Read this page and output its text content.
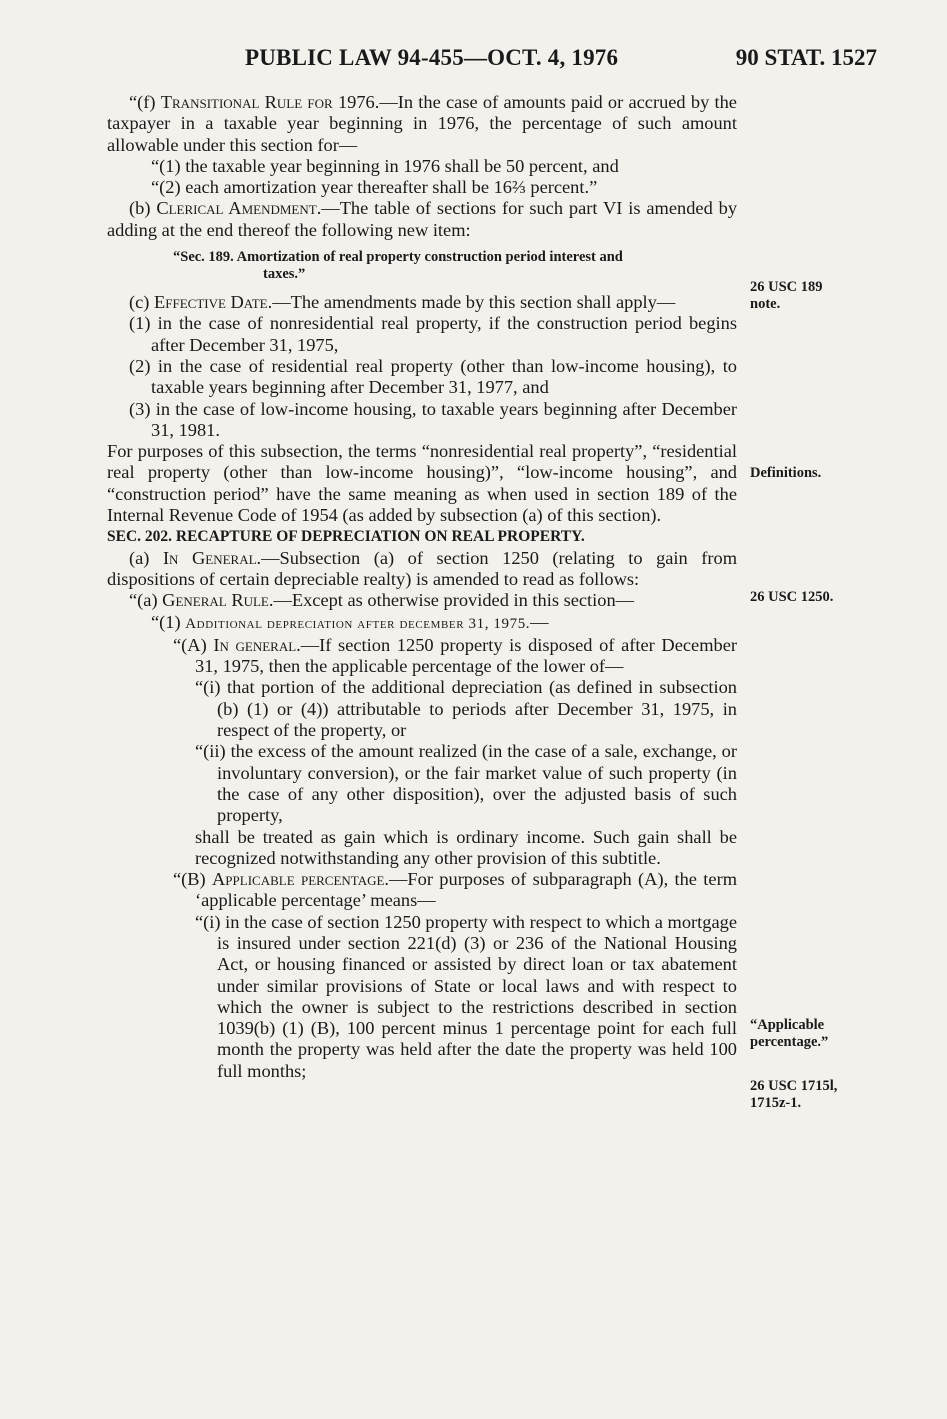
PUBLIC LAW 94-455—OCT. 4, 1976	90 STAT. 1527

“(f) Transitional Rule for 1976.—In the case of amounts paid or accrued by the taxpayer in a taxable year beginning in 1976, the percentage of such amount allowable under this section for—

“(1) the taxable year beginning in 1976 shall be 50 percent, and

“(2) each amortization year thereafter shall be 16⅔ percent.”

(b) Clerical Amendment.—The table of sections for such part VI is amended by adding at the end thereof the following new item:

“Sec. 189. Amortization of real property construction period interest and
taxes.”

(c) Effective Date.—The amendments made by this section shall apply—

(1) in the case of nonresidential real property, if the construction period begins after December 31, 1975,

(2) in the case of residential real property (other than low-income housing), to taxable years beginning after December 31, 1977, and

(3) in the case of low-income housing, to taxable years beginning after December 31, 1981.

For purposes of this subsection, the terms “nonresidential real property”, “residential real property (other than low-income housing)”, “low-income housing”, and “construction period” have the same meaning as when used in section 189 of the Internal Revenue Code of 1954 (as added by subsection (a) of this section).

SEC. 202. RECAPTURE OF DEPRECIATION ON REAL PROPERTY.

(a) In General.—Subsection (a) of section 1250 (relating to gain from dispositions of certain depreciable realty) is amended to read as follows:

“(a) General Rule.—Except as otherwise provided in this section—

“(1) Additional depreciation after december 31, 1975.—

“(A) In general.—If section 1250 property is disposed of after December 31, 1975, then the applicable percentage of the lower of—

“(i) that portion of the additional depreciation (as defined in subsection (b) (1) or (4)) attributable to periods after December 31, 1975, in respect of the property, or

“(ii) the excess of the amount realized (in the case of a sale, exchange, or involuntary conversion), or the fair market value of such property (in the case of any other disposition), over the adjusted basis of such property,

shall be treated as gain which is ordinary income. Such gain shall be recognized notwithstanding any other provision of this subtitle.

“(B) Applicable percentage.—For purposes of subparagraph (A), the term ‘applicable percentage’ means—

“(i) in the case of section 1250 property with respect to which a mortgage is insured under section 221(d) (3) or 236 of the National Housing Act, or housing financed or assisted by direct loan or tax abatement under similar provisions of State or local laws and with respect to which the owner is subject to the restrictions described in section 1039(b) (1) (B), 100 percent minus 1 percentage point for each full month the property was held after the date the property was held 100 full months;

26 USC 189
note.
Definitions.
26 USC 1250.
“Applicable
percentage.”
26 USC 1715l,
1715z-1.
